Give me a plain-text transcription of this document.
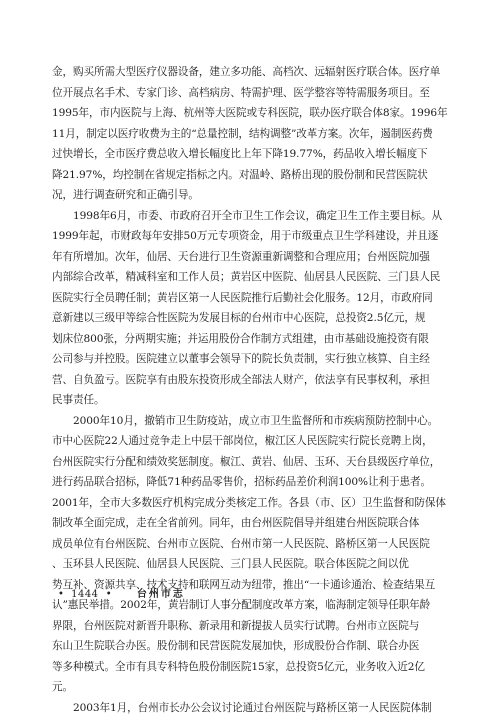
金，购买所需大型医疗仪器设备，建立多功能、高档次、远辐射医疗联合体。医疗单
位开展点名手术、专家门诊、高档病房、特需护理、医学整容等特需服务项目。至
1995年，市内医院与上海、杭州等大医院或专科医院，联办医疗联合体8家。1996年
11月，制定以医疗收费为主的“总量控制，结构调整”改革方案。次年，遏制医药费
过快增长，全市医疗费总收入增长幅度比上年下降19.77%，药品收入增长幅度下
降21.97%，均控制在省规定指标之内。对温岭、路桥出现的股份制和民营医院状
况，进行调查研究和正确引导。
　　1998年6月，市委、市政府召开全市卫生工作会议，确定卫生工作主要目标。从
1999年起，市财政每年安排50万元专项资金，用于市级重点卫生学科建设，并且逐
年有所增加。次年，仙居、天台进行卫生资源重新调整和合理应用；台州医院加强
内部综合改革，精减科室和工作人员；黄岩区中医院、仙居县人民医院、三门县人民
医院实行全员聘任制；黄岩区第一人民医院推行后勤社会化服务。12月，市政府同
意新建以三级甲等综合性医院为发展目标的台州市中心医院，总投资2.5亿元，规
划床位800张，分两期实施；并运用股份合作制方式组建，由市基础设施投资有限
公司参与并控股。医院建立以董事会领导下的院长负责制，实行独立核算、自主经
营、自负盈亏。医院享有由股东投资形成全部法人财产，依法享有民事权利，承担
民事责任。
　　2000年10月，撤销市卫生防疫站，成立市卫生监督所和市疾病预防控制中心。
市中心医院22人通过竞争走上中层干部岗位，椒江区人民医院实行院长竞聘上岗，
台州医院实行分配和绩效奖惩制度。椒江、黄岩、仙居、玉环、天台县级医疗单位，
进行药品联合招标，降低71种药品零售价，招标药品差价利润100%让利于患者。
2001年，全市大多数医疗机构完成分类核定工作。各县（市、区）卫生监督和防保体
制改革全面完成，走在全省前列。同年，由台州医院倡导并组建台州医院联合体
成员单位有台州医院、台州市立医院、台州市第一人民医院、路桥区第一人民医院
、玉环县人民医院、仙居县人民医院、三门县人民医院。联合体医院之间以优
势互补、资源共享、技术支持和联网互动为纽带，推出“一卡通诊通治、检查结果互
认”惠民举措。2002年，黄岩制订人事分配制度改革方案，临海制定领导任职年龄
界限，台州医院对新晋升职称、新录用和新提拔人员实行试聘。台州市立医院与
东山卫生院联合办医。股份制和民营医院发展加快，形成股份合作制、联合办医
等多种模式。全市有具专科特色股份制医院15家，总投资5亿元，业务收入近2亿
元。
　　2003年1月，台州市长办公会议讨论通过台州医院与路桥区第一人民医院体制
• 1444 •	台州市志
